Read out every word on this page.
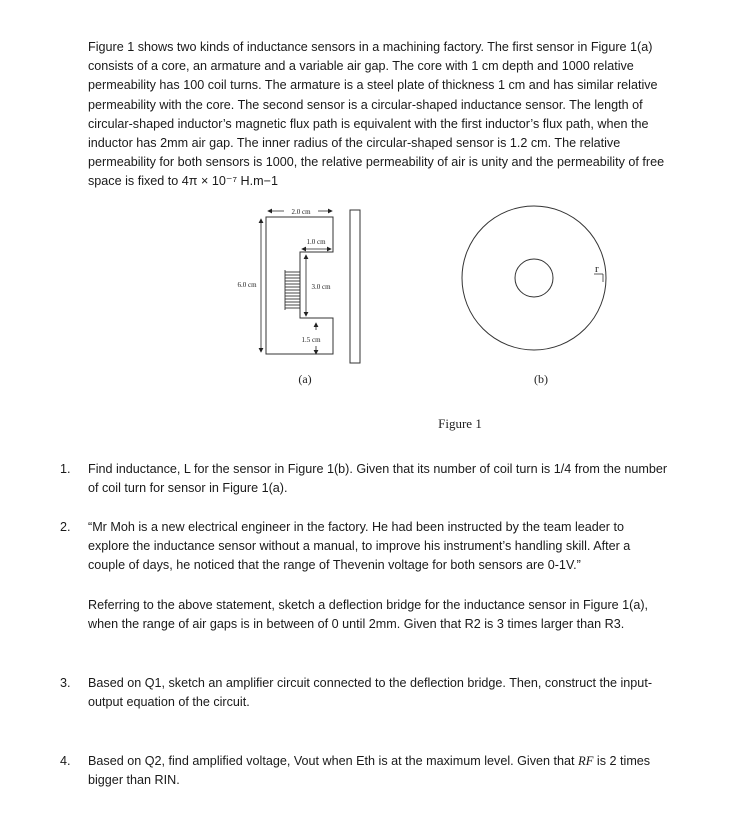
Figure 1 shows two kinds of inductance sensors in a machining factory. The first sensor in Figure 1(a) consists of a core, an armature and a variable air gap. The core with 1 cm depth and 1000 relative permeability has 100 coil turns. The armature is a steel plate of thickness 1 cm and has similar relative permeability with the core. The second sensor is a circular-shaped inductance sensor. The length of circular-shaped inductor’s magnetic flux path is equivalent with the first inductor’s flux path, when the inductor has 2mm air gap. The inner radius of the circular-shaped sensor is 1.2 cm. The relative permeability for both sensors is 1000, the relative permeability of air is unity and the permeability of free space is fixed to 4π × 10⁻⁷ H.m−1

2.0 cm
1.0 cm
6.0 cm	3.0 cm
1.5 cm
r
(a)	(b)
Figure 1
1. Find inductance, L for the sensor in Figure 1(b). Given that its number of coil turn is 1/4 from the number of coil turn for sensor in Figure 1(a).

2. “Mr Moh is a new electrical engineer in the factory. He had been instructed by the team leader to explore the inductance sensor without a manual, to improve his instrument’s handling skill. After a couple of days, he noticed that the range of Thevenin voltage for both sensors are 0-1V.”

Referring to the above statement, sketch a deflection bridge for the inductance sensor in Figure 1(a), when the range of air gaps is in between of 0 until 2mm. Given that R2 is 3 times larger than R3.

3. Based on Q1, sketch an amplifier circuit connected to the deflection bridge. Then, construct the input-output equation of the circuit.

4. Based on Q2, find amplified voltage, Vout when Eth is at the maximum level. Given that RF is 2 times bigger than RIN.
